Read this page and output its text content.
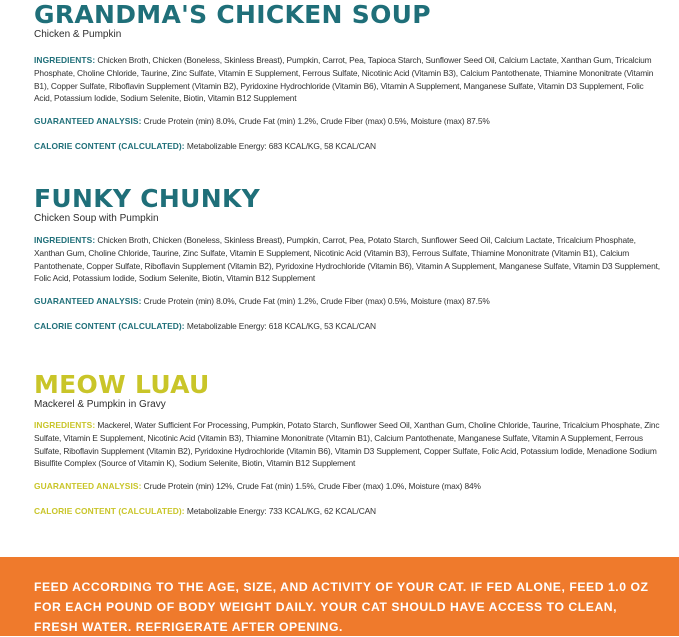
GRANDMA'S CHICKEN SOUP

Chicken & Pumpkin

INGREDIENTS: Chicken Broth, Chicken (Boneless, Skinless Breast), Pumpkin, Carrot, Pea, Tapioca Starch, Sunflower Seed Oil, Calcium Lactate, Xanthan Gum, Tricalcium Phosphate, Choline Chloride, Taurine, Zinc Sulfate, Vitamin E Supplement, Ferrous Sulfate, Nicotinic Acid (Vitamin B3), Calcium Pantothenate, Thiamine Mononitrate (Vitamin B1), Copper Sulfate, Riboflavin Supplement (Vitamin B2), Pyridoxine Hydrochloride (Vitamin B6), Vitamin A Supplement, Manganese Sulfate, Vitamin D3 Supplement, Folic Acid, Potassium Iodide, Sodium Selenite, Biotin, Vitamin B12 Supplement

GUARANTEED ANALYSIS: Crude Protein (min) 8.0%, Crude Fat (min) 1.2%, Crude Fiber (max) 0.5%, Moisture (max) 87.5%

CALORIE CONTENT (CALCULATED): Metabolizable Energy: 683 KCAL/KG, 58 KCAL/CAN

FUNKY CHUNKY

Chicken Soup with Pumpkin

INGREDIENTS: Chicken Broth, Chicken (Boneless, Skinless Breast), Pumpkin, Carrot, Pea, Potato Starch, Sunflower Seed Oil, Calcium Lactate, Tricalcium Phosphate, Xanthan Gum, Choline Chloride, Taurine, Zinc Sulfate, Vitamin E Supplement, Nicotinic Acid (Vitamin B3), Ferrous Sulfate, Thiamine Mononitrate (Vitamin B1), Calcium Pantothenate, Copper Sulfate, Riboflavin Supplement (Vitamin B2), Pyridoxine Hydrochloride (Vitamin B6), Vitamin A Supplement, Manganese Sulfate, Vitamin D3 Supplement, Folic Acid, Potassium Iodide, Sodium Selenite, Biotin, Vitamin B12 Supplement

GUARANTEED ANALYSIS: Crude Protein (min) 8.0%, Crude Fat (min) 1.2%, Crude Fiber (max) 0.5%, Moisture (max) 87.5%

CALORIE CONTENT (CALCULATED): Metabolizable Energy: 618 KCAL/KG, 53 KCAL/CAN

MEOW LUAU

Mackerel & Pumpkin in Gravy

INGREDIENTS: Mackerel, Water Sufficient For Processing, Pumpkin, Potato Starch, Sunflower Seed Oil, Xanthan Gum, Choline Chloride, Taurine, Tricalcium Phosphate, Zinc Sulfate, Vitamin E Supplement, Nicotinic Acid (Vitamin B3), Thiamine Mononitrate (Vitamin B1), Calcium Pantothenate, Manganese Sulfate, Vitamin A Supplement, Ferrous Sulfate, Riboflavin Supplement (Vitamin B2), Pyridoxine Hydrochloride (Vitamin B6), Vitamin D3 Supplement, Copper Sulfate, Folic Acid, Potassium Iodide, Menadione Sodium Bisulfite Complex (Source of Vitamin K), Sodium Selenite, Biotin, Vitamin B12 Supplement

GUARANTEED ANALYSIS: Crude Protein (min) 12%, Crude Fat (min) 1.5%, Crude Fiber (max) 1.0%, Moisture (max) 84%

CALORIE CONTENT (CALCULATED): Metabolizable Energy: 733 KCAL/KG, 62 KCAL/CAN

FEED ACCORDING TO THE AGE, SIZE, AND ACTIVITY OF YOUR CAT. IF FED ALONE, FEED 1.0 OZ FOR EACH POUND OF BODY WEIGHT DAILY. YOUR CAT SHOULD HAVE ACCESS TO CLEAN, FRESH WATER. REFRIGERATE AFTER OPENING.
